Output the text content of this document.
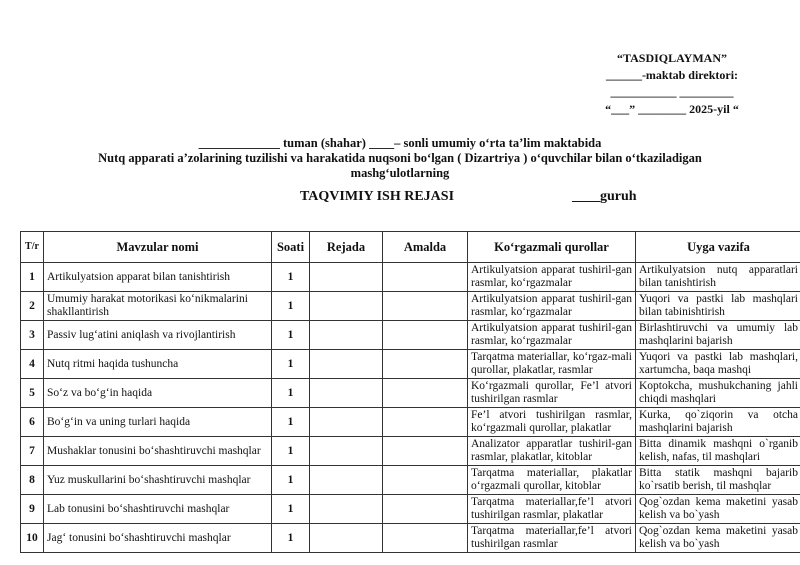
“TASDIQLAYMAN”
______-maktab direktori:
___________ _________
“___” ________ 2025-yil “
_____________ tuman (shahar) ____– sonli umumiy o‘rta ta’lim maktabida
Nutq apparati a’zolarining tuzilishi va harakatida nuqsoni bo‘lgan ( Dizartriya ) o‘quvchilar bilan o‘tkaziladigan
mashg‘ulotlarning
TAQVIMIY ISH REJASI	____guruh
T/r	Mavzular nomi	Soati	Rejada	Amalda	Ko‘rgazmali qurollar	Uyga vazifa
1	Artikulyatsion apparat bilan tanishtirish	1			Artikulyatsion apparat tushiril-gan rasmlar, ko‘rgazmalar	Artikulyatsion nutq apparatlari bilan tanishtirish
2	Umumiy harakat motorikasi ko‘nikmalarini shakllantirish	1			Artikulyatsion apparat tushiril-gan rasmlar, ko‘rgazmalar	Yuqori va pastki lab mashqlari bilan tabinishtirish
3	Passiv lug‘atini aniqlash va rivojlantirish	1			Artikulyatsion apparat tushiril-gan rasmlar, ko‘rgazmalar	Birlashtiruvchi va umumiy lab mashqlarini bajarish
4	Nutq ritmi haqida tushuncha	1			Tarqatma materiallar, ko‘rgaz-mali qurollar, plakatlar, rasmlar	Yuqori va pastki lab mashqlari, xartumcha, baqa mashqi
5	So‘z va bo‘g‘in haqida	1			Ko‘rgazmali qurollar, Fe’l atvori tushirilgan rasmlar	Koptokcha, mushukchaning jahli chiqdi mashqlari
6	Bo‘g‘in va uning turlari haqida	1			Fe’l atvori tushirilgan rasmlar, ko‘rgazmali qurollar, plakatlar	Kurka, qo`ziqorin va otcha mashqlarini bajarish
7	Mushaklar tonusini bo‘shashtiruvchi mashqlar	1			Analizator apparatlar tushiril-gan rasmlar, plakatlar, kitoblar	Bitta dinamik mashqni o`rganib kelish, nafas, til mashqlari
8	Yuz muskullarini bo‘shashtiruvchi mashqlar	1			Tarqatma materiallar, plakatlar o‘rgazmali qurollar, kitoblar	Bitta statik mashqni bajarib ko`rsatib berish, til mashqlar
9	Lab tonusini bo‘shashtiruvchi mashqlar	1			Tarqatma materiallar,fe’l atvori tushirilgan rasmlar, plakatlar	Qog`ozdan kema maketini yasab kelish va bo`yash
10	Jag‘ tonusini bo‘shashtiruvchi mashqlar	1			Tarqatma materiallar,fe’l atvori tushirilgan rasmlar	Qog`ozdan kema maketini yasab kelish va bo`yash
